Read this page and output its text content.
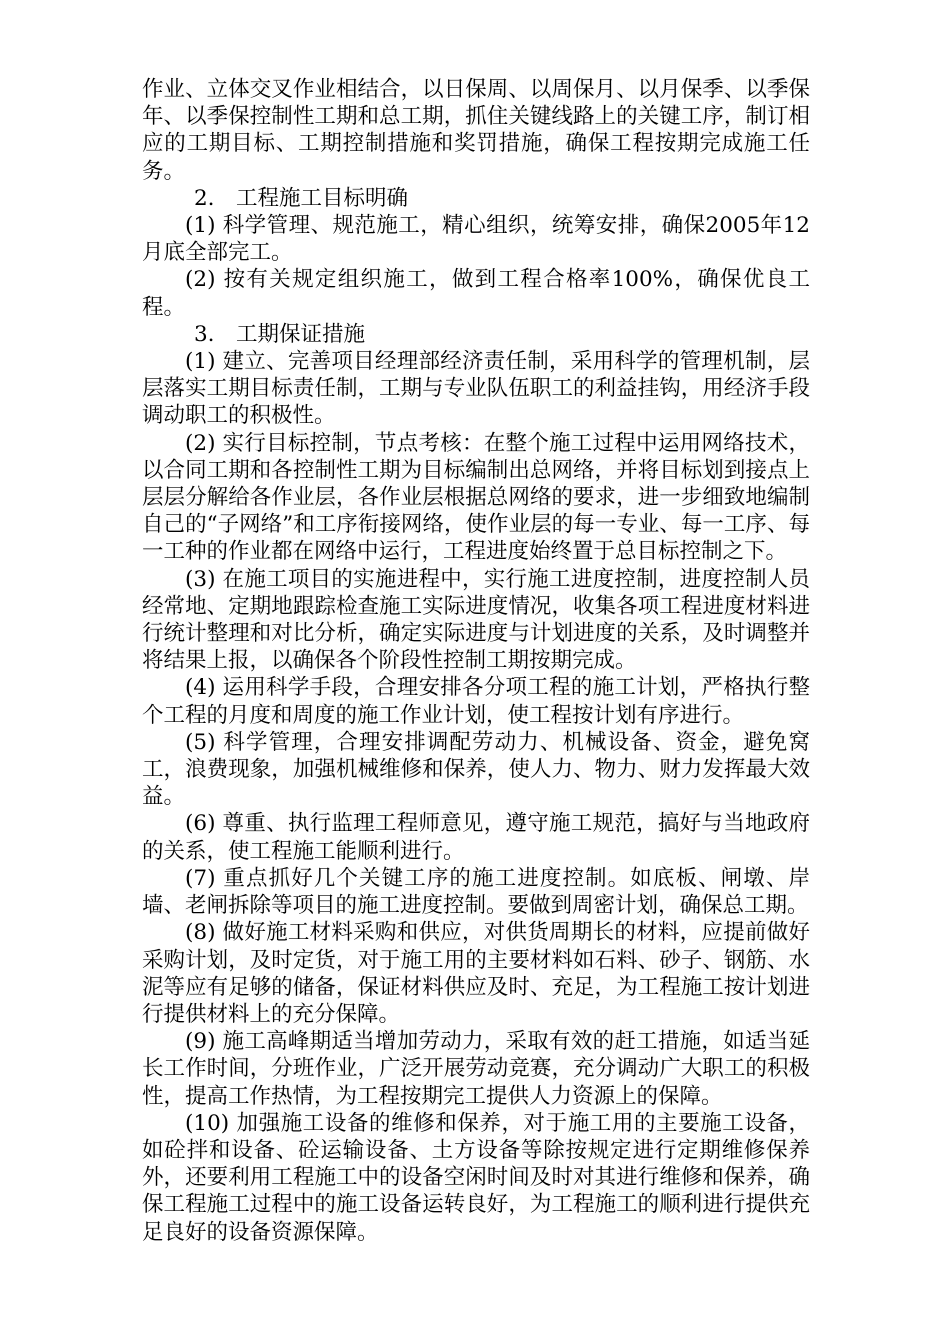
作业、立体交叉作业相结合，以日保周、以周保月、以月保季、以季保年、以季保控制性工期和总工期，抓住关键线路上的关键工序，制订相应的工期目标、工期控制措施和奖罚措施，确保工程按期完成施工任务。

2.　工程施工目标明确

(1) 科学管理、规范施工，精心组织，统筹安排，确保2005年12月底全部完工。

(2) 按有关规定组织施工，做到工程合格率100%，确保优良工程。

3.　工期保证措施

(1) 建立、完善项目经理部经济责任制，采用科学的管理机制，层层落实工期目标责任制，工期与专业队伍职工的利益挂钩，用经济手段调动职工的积极性。

(2) 实行目标控制，节点考核：在整个施工过程中运用网络技术，以合同工期和各控制性工期为目标编制出总网络，并将目标划到接点上层层分解给各作业层，各作业层根据总网络的要求，进一步细致地编制自己的“子网络”和工序衔接网络，使作业层的每一专业、每一工序、每一工种的作业都在网络中运行，工程进度始终置于总目标控制之下。

(3) 在施工项目的实施进程中，实行施工进度控制，进度控制人员经常地、定期地跟踪检查施工实际进度情况，收集各项工程进度材料进行统计整理和对比分析，确定实际进度与计划进度的关系，及时调整并将结果上报，以确保各个阶段性控制工期按期完成。

(4) 运用科学手段，合理安排各分项工程的施工计划，严格执行整个工程的月度和周度的施工作业计划，使工程按计划有序进行。

(5) 科学管理，合理安排调配劳动力、机械设备、资金，避免窝工，浪费现象，加强机械维修和保养，使人力、物力、财力发挥最大效益。

(6) 尊重、执行监理工程师意见，遵守施工规范，搞好与当地政府的关系，使工程施工能顺利进行。

(7) 重点抓好几个关键工序的施工进度控制。如底板、闸墩、岸墙、老闸拆除等项目的施工进度控制。要做到周密计划，确保总工期。

(8) 做好施工材料采购和供应，对供货周期长的材料，应提前做好采购计划，及时定货，对于施工用的主要材料如石料、砂子、钢筋、水泥等应有足够的储备，保证材料供应及时、充足，为工程施工按计划进行提供材料上的充分保障。

(9) 施工高峰期适当增加劳动力，采取有效的赶工措施，如适当延长工作时间，分班作业，广泛开展劳动竞赛，充分调动广大职工的积极性，提高工作热情，为工程按期完工提供人力资源上的保障。

(10) 加强施工设备的维修和保养，对于施工用的主要施工设备，如砼拌和设备、砼运输设备、土方设备等除按规定进行定期维修保养外，还要利用工程施工中的设备空闲时间及时对其进行维修和保养，确保工程施工过程中的施工设备运转良好，为工程施工的顺利进行提供充足良好的设备资源保障。
